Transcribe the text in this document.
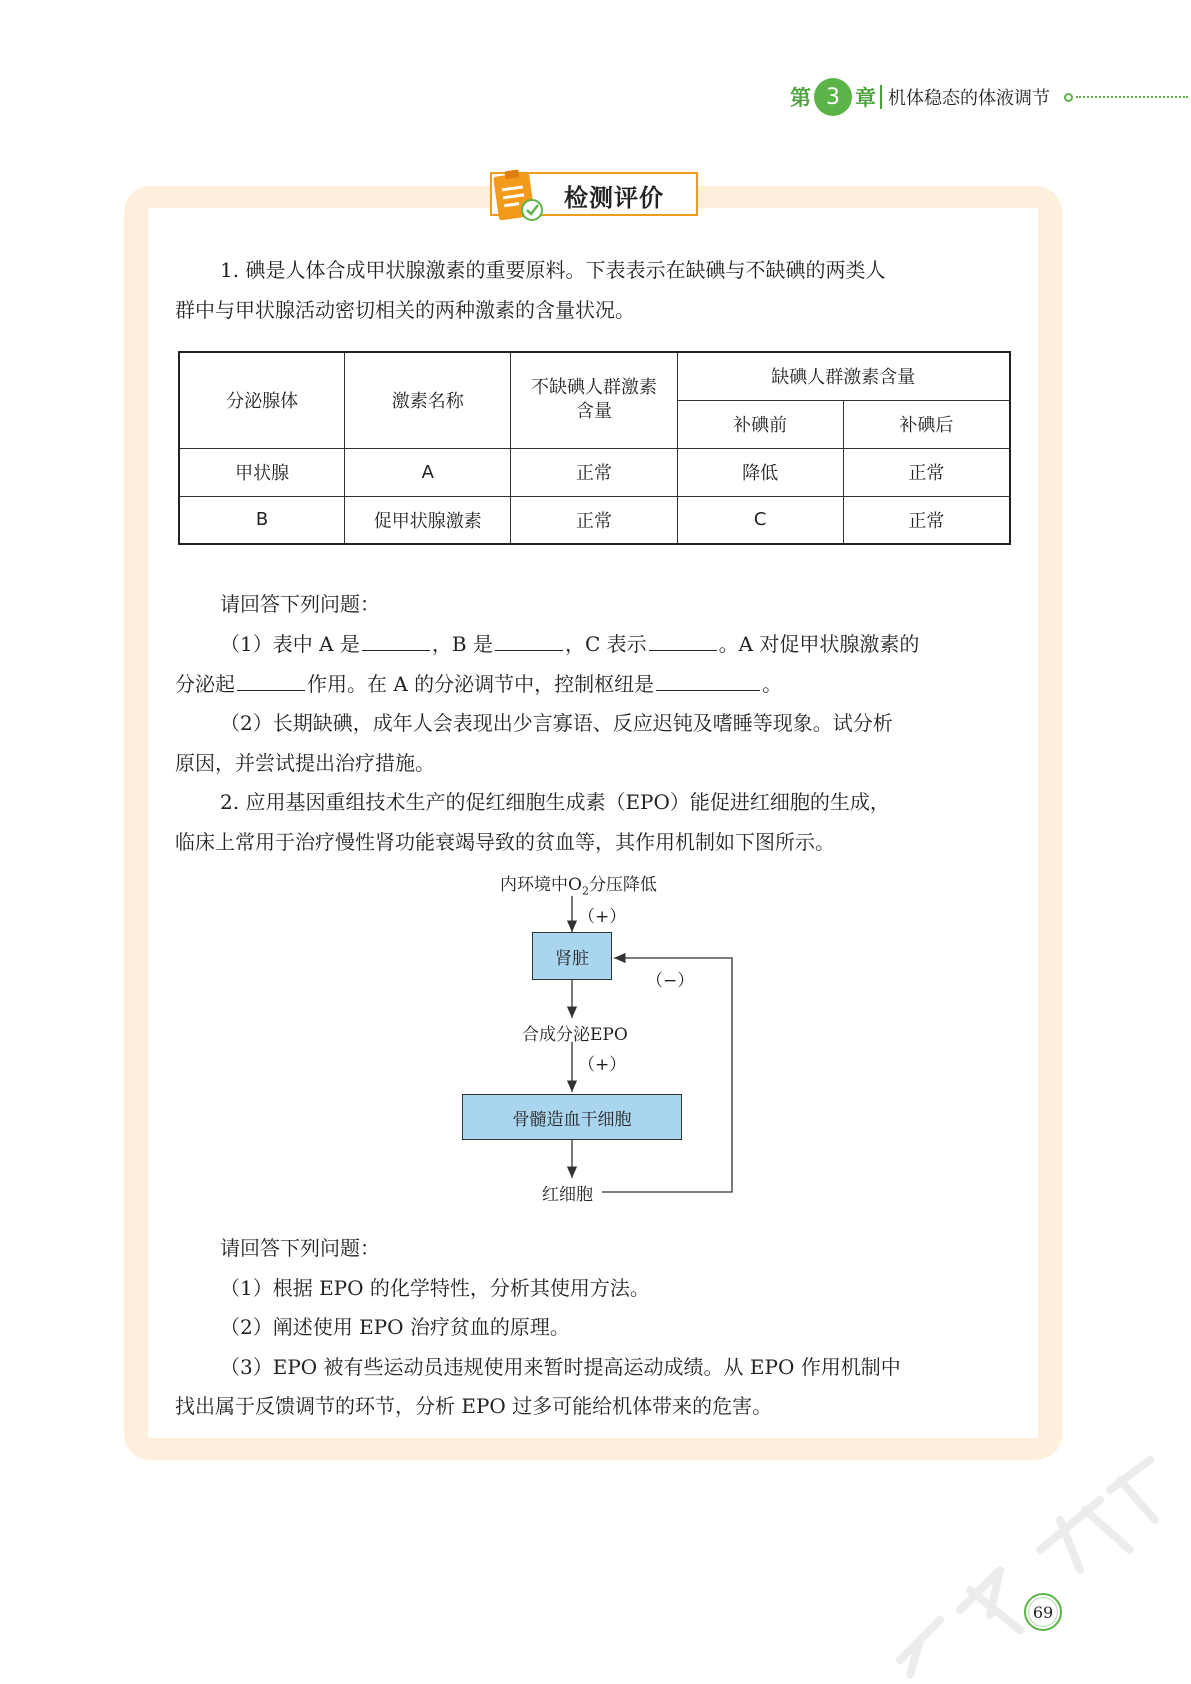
第 3 章 机体稳态的体液调节
检测评价
1. 碘是人体合成甲状腺激素的重要原料。下表表示在缺碘与不缺碘的两类人
群中与甲状腺活动密切相关的两种激素的含量状况。
分泌腺体	激素名称	不缺碘人群激素
含量	缺碘人群激素含量	
			补碘前	补碘后
甲状腺	A	正常	降低	正常
B	促甲状腺激素	正常	C	正常
请回答下列问题：
（1）表中 A 是	，B 是	，C 表示	。A 对促甲状腺激素的
分泌起	作用。在 A 的分泌调节中，控制枢纽是	。
（2）长期缺碘，成年人会表现出少言寡语、反应迟钝及嗜睡等现象。试分析
原因，并尝试提出治疗措施。
2. 应用基因重组技术生产的促红细胞生成素（EPO）能促进红细胞的生成，
临床上常用于治疗慢性肾功能衰竭导致的贫血等，其作用机制如下图所示。
内环境中$O_2$分压降低
（+）
肾脏
（−）
合成分泌EPO
（+）
骨髓造血干细胞
红细胞
请回答下列问题：
（1）根据 EPO 的化学特性，分析其使用方法。
（2）阐述使用 EPO 治疗贫血的原理。
（3）EPO 被有些运动员违规使用来暂时提高运动成绩。从 EPO 作用机制中
找出属于反馈调节的环节，分析 EPO 过多可能给机体带来的危害。
69
